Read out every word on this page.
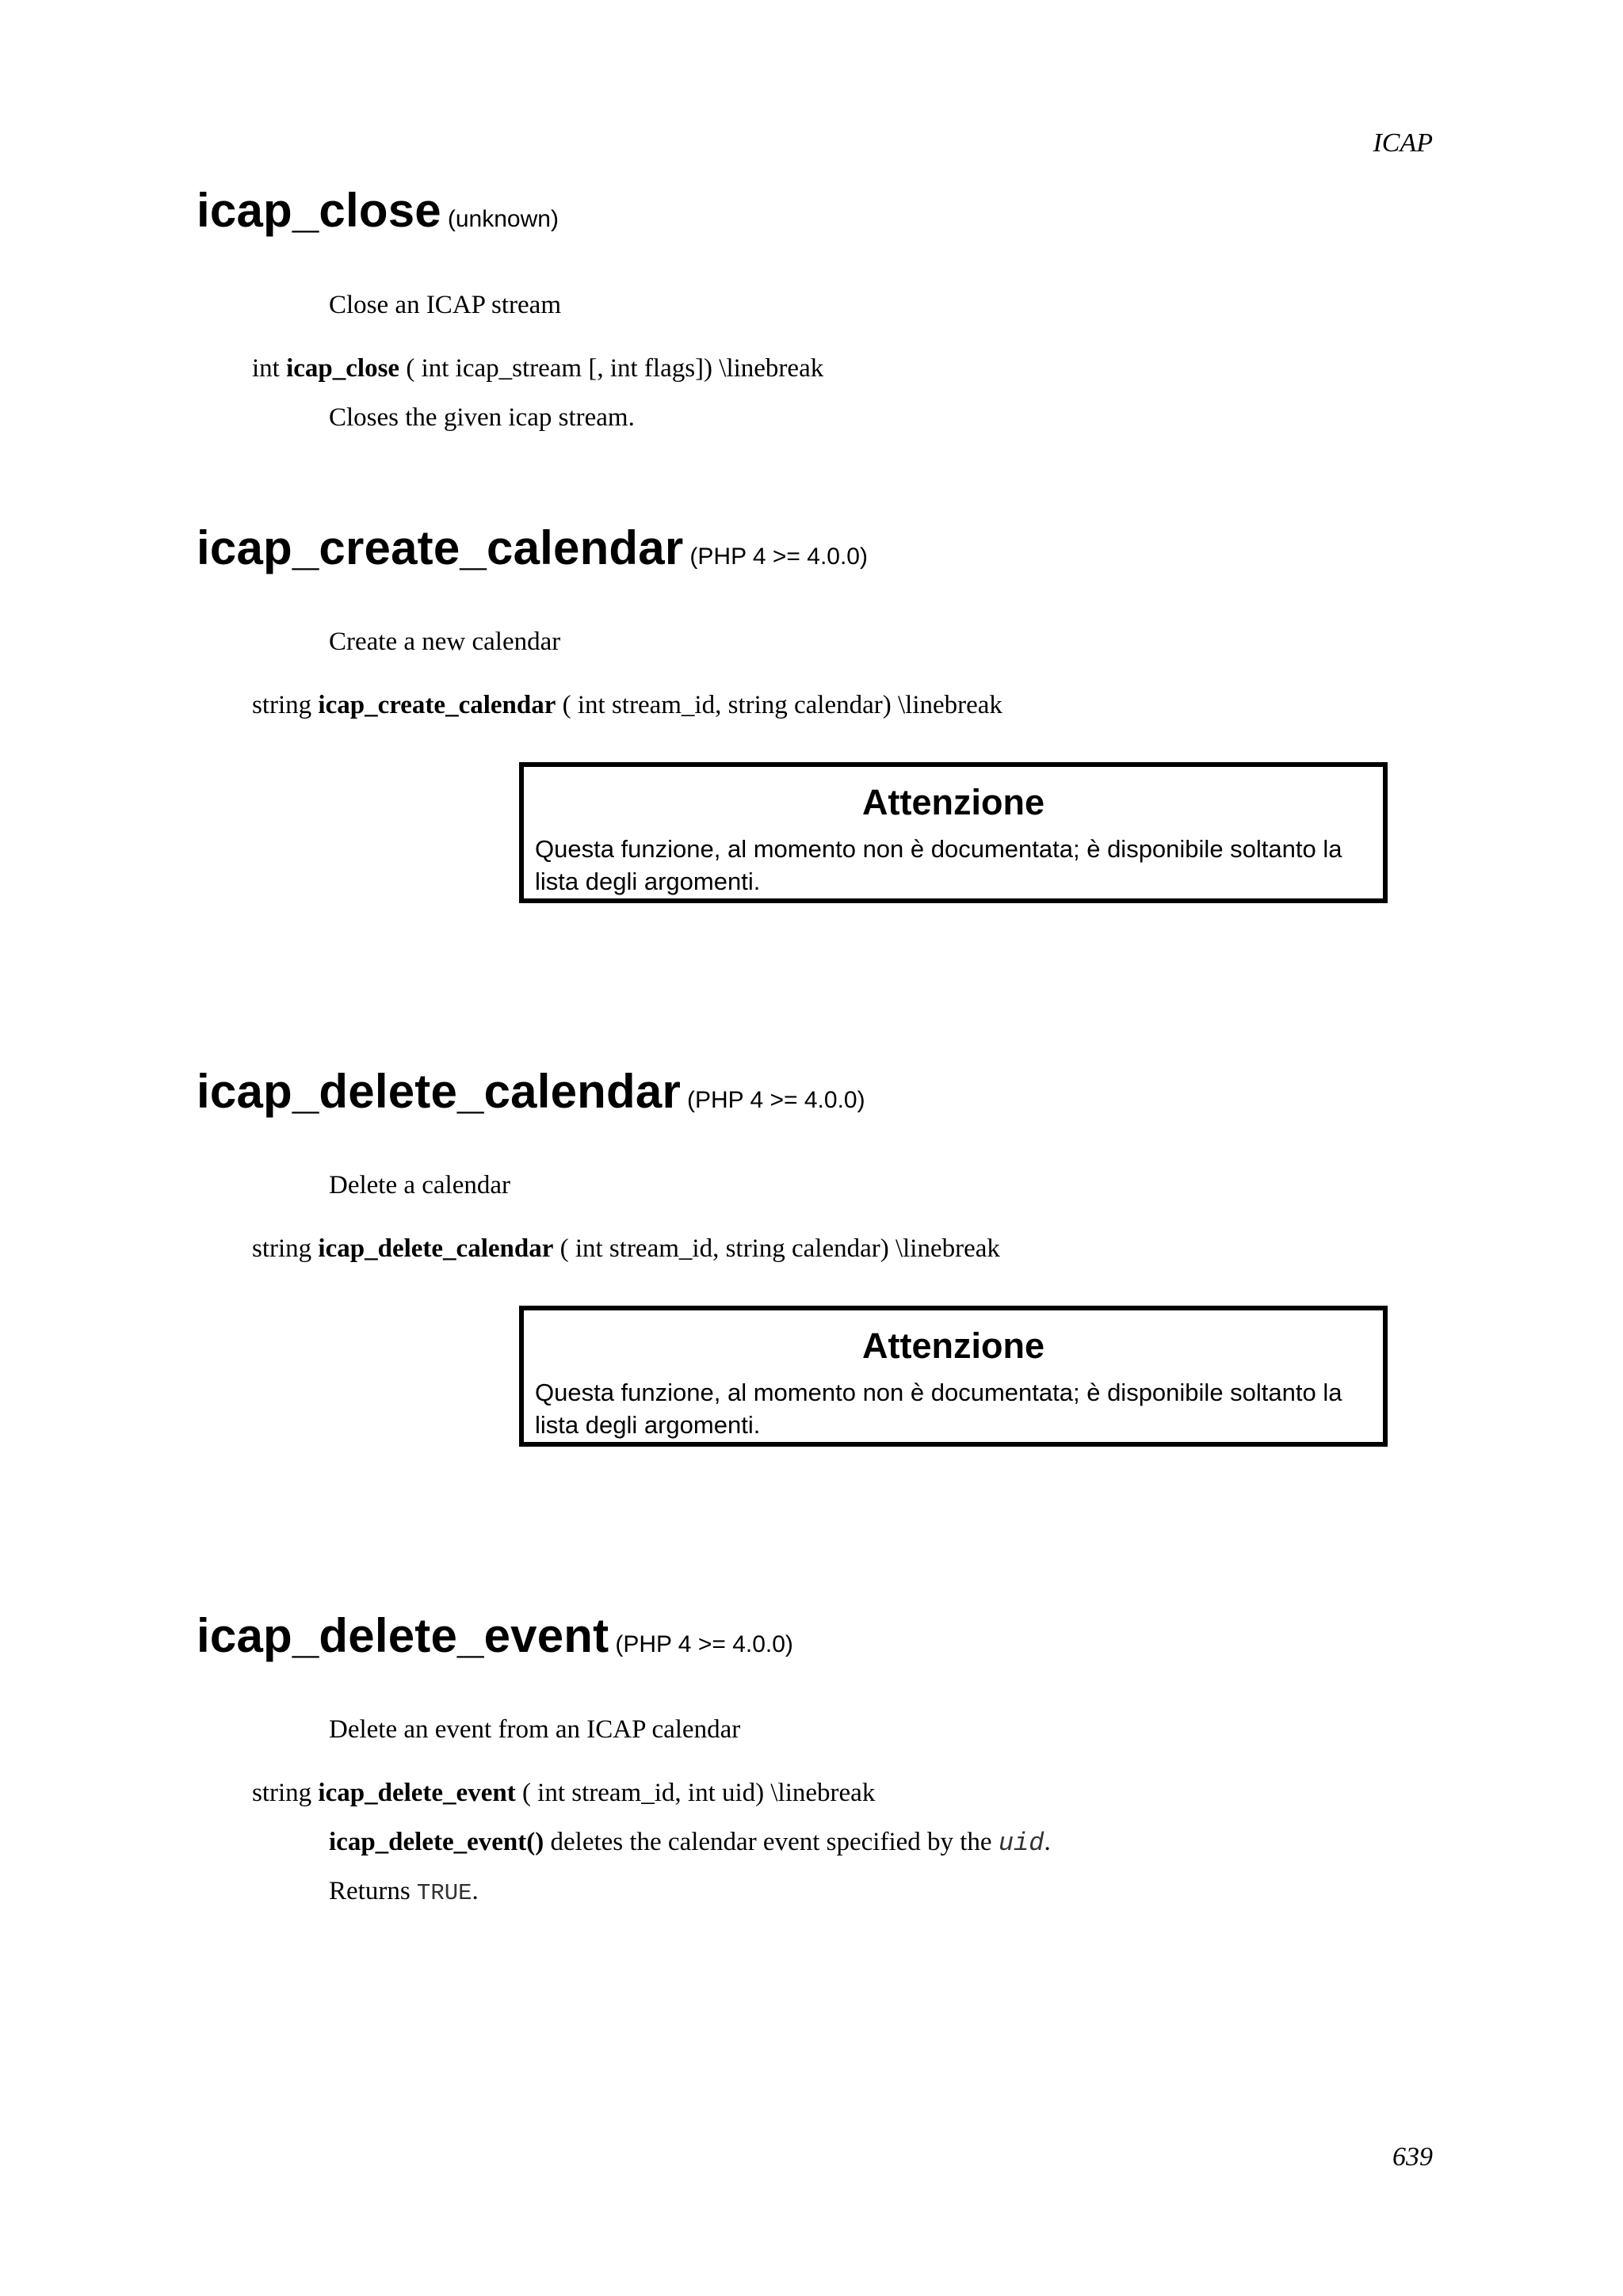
ICAP
icap_close (unknown)
Close an ICAP stream
int icap_close ( int icap_stream [, int flags]) \linebreak
Closes the given icap stream.
icap_create_calendar (PHP 4 >= 4.0.0)
Create a new calendar
string icap_create_calendar ( int stream_id, string calendar) \linebreak
Attenzione
Questa funzione, al momento non è documentata; è disponibile soltanto la lista degli argomenti.
icap_delete_calendar (PHP 4 >= 4.0.0)
Delete a calendar
string icap_delete_calendar ( int stream_id, string calendar) \linebreak
Attenzione
Questa funzione, al momento non è documentata; è disponibile soltanto la lista degli argomenti.
icap_delete_event (PHP 4 >= 4.0.0)
Delete an event from an ICAP calendar
string icap_delete_event ( int stream_id, int uid) \linebreak
icap_delete_event() deletes the calendar event specified by the uid.
Returns TRUE.
639
